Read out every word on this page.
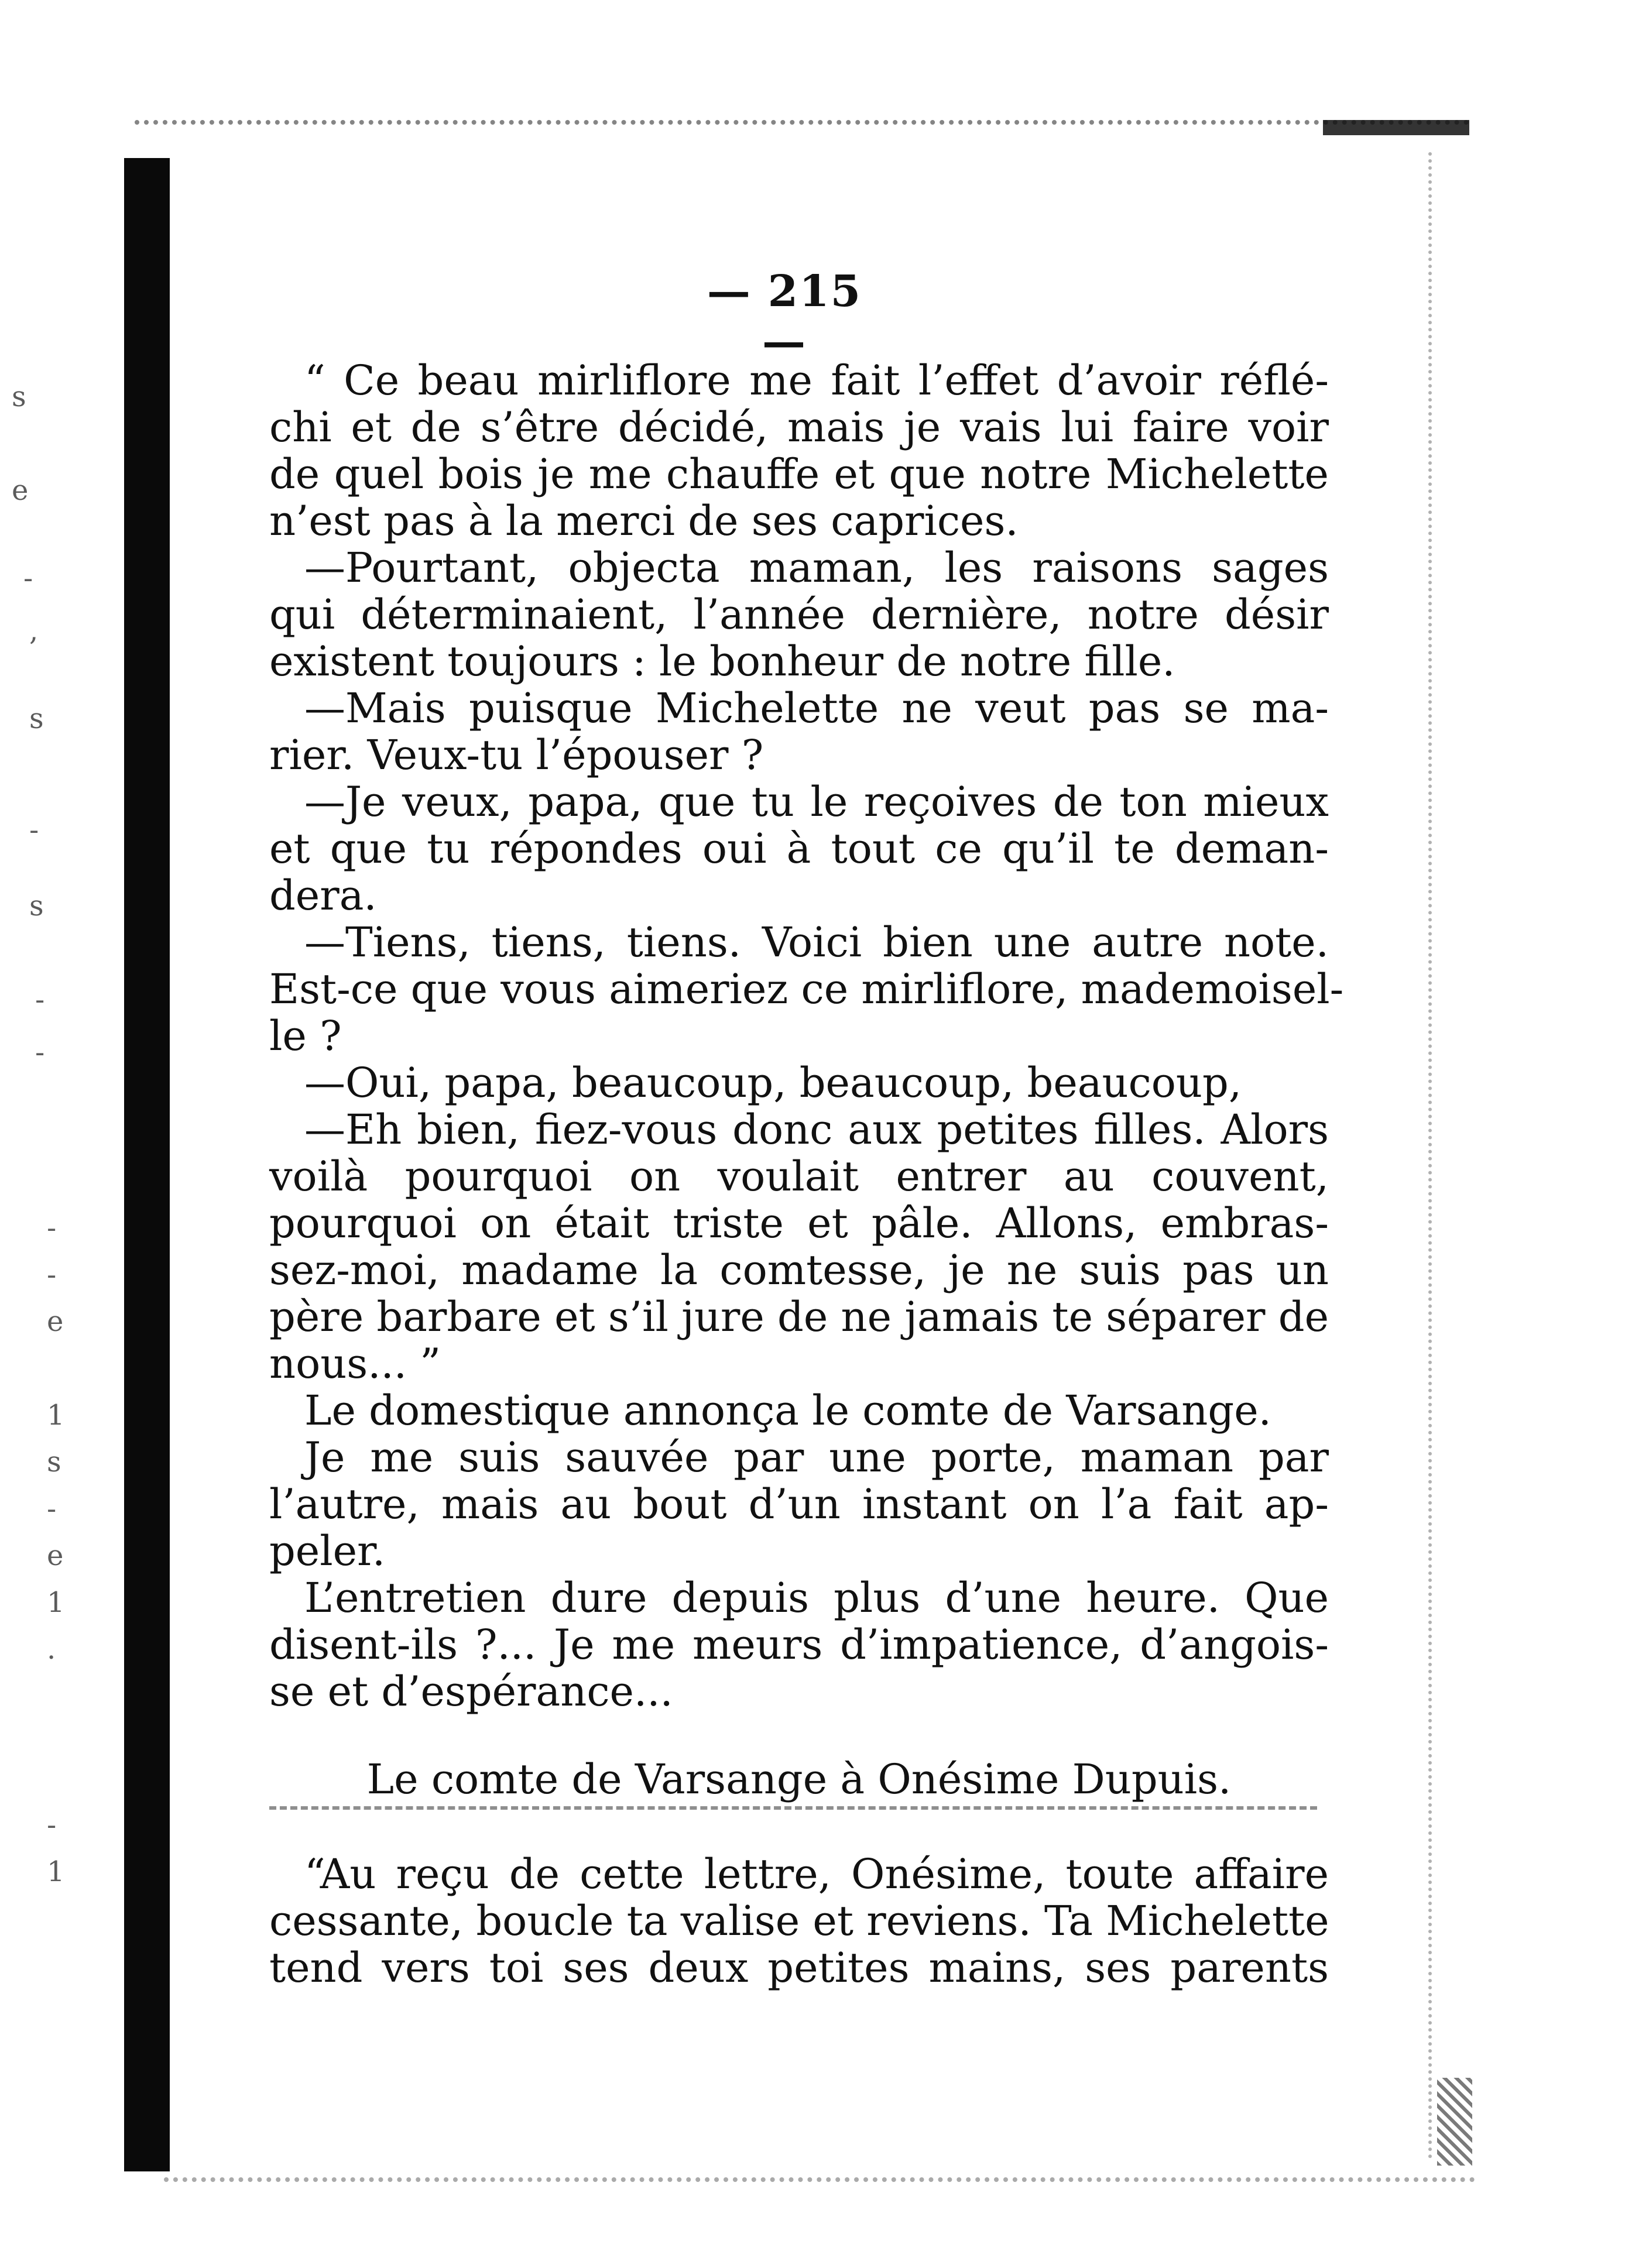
s
e
-
,
s
-
s
-
-
-
-
e
1
s
-
e
1
.
-
1
— 215 —
“ Ce beau mirliflore me fait l’effet d’avoir réflé-
chi et de s’être décidé, mais je vais lui faire voir
de quel bois je me chauffe et que notre Michelette
n’est pas à la merci de ses caprices.
—Pourtant, objecta maman, les raisons sages
qui déterminaient, l’année dernière, notre désir
existent toujours : le bonheur de notre fille.
—Mais puisque Michelette ne veut pas se ma-
rier. Veux-tu l’épouser ?
—Je veux, papa, que tu le reçoives de ton mieux
et que tu répondes oui à tout ce qu’il te deman-
dera.
—Tiens, tiens, tiens. Voici bien une autre note.
Est-ce que vous aimeriez ce mirliflore, mademoisel-
le ?
—Oui, papa, beaucoup, beaucoup, beaucoup,
—Eh bien, fiez-vous donc aux petites filles. Alors
voilà pourquoi on voulait entrer au couvent,
pourquoi on était triste et pâle. Allons, embras-
sez-moi, madame la comtesse, je ne suis pas un
père barbare et s’il jure de ne jamais te séparer de
nous... ”
Le domestique annonça le comte de Varsange.
Je me suis sauvée par une porte, maman par
l’autre, mais au bout d’un instant on l’a fait ap-
peler.
L’entretien dure depuis plus d’une heure. Que
disent-ils ?... Je me meurs d’impatience, d’angois-
se et d’espérance...
Le comte de Varsange à Onésime Dupuis.
“Au reçu de cette lettre, Onésime, toute affaire
cessante, boucle ta valise et reviens. Ta Michelette
tend vers toi ses deux petites mains, ses parents
